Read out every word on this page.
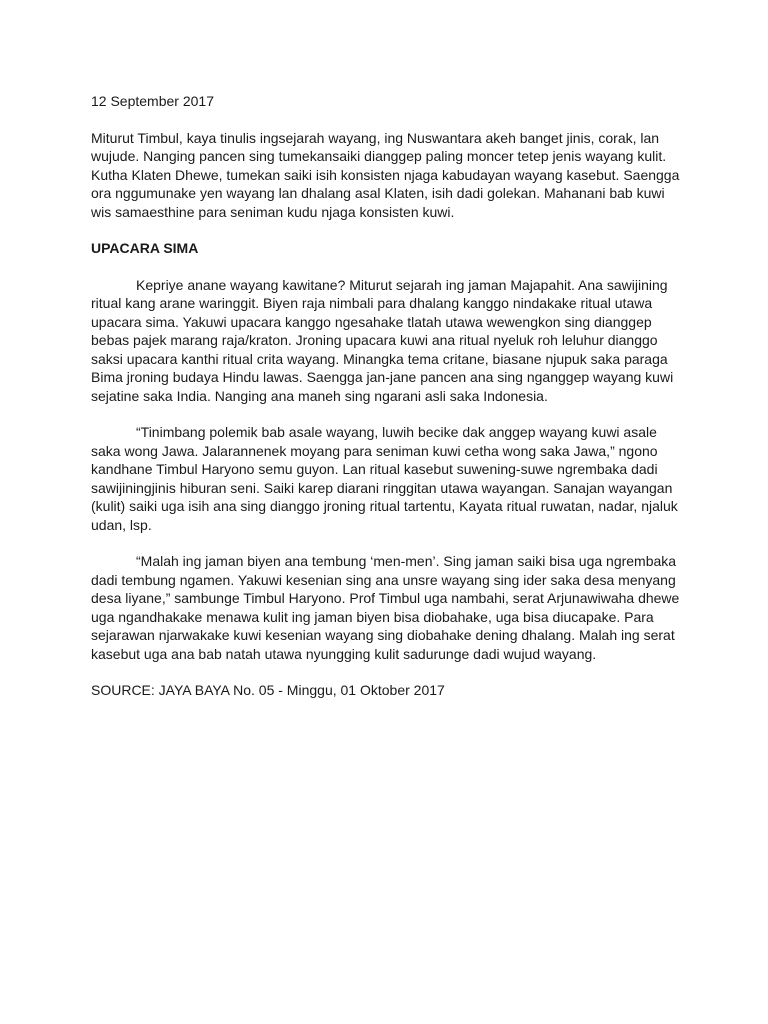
12 September 2017

Miturut Timbul, kaya tinulis ingsejarah wayang, ing Nuswantara akeh banget jinis, corak, lan
wujude. Nanging pancen sing tumekansaiki dianggep paling moncer tetep jenis wayang kulit.
Kutha Klaten Dhewe, tumekan saiki isih konsisten njaga kabudayan wayang kasebut. Saengga
ora nggumunake yen wayang lan dhalang asal Klaten, isih dadi golekan. Mahanani bab kuwi
wis samaesthine para seniman kudu njaga konsisten kuwi.

UPACARA SIMA

Kepriye anane wayang kawitane? Miturut sejarah ing jaman Majapahit. Ana sawijining
ritual kang arane waringgit. Biyen raja nimbali para dhalang kanggo nindakake ritual utawa
upacara sima. Yakuwi upacara kanggo ngesahake tlatah utawa wewengkon sing dianggep
bebas pajek marang raja/kraton. Jroning upacara kuwi ana ritual nyeluk roh leluhur dianggo
saksi upacara kanthi ritual crita wayang. Minangka tema critane, biasane njupuk saka paraga
Bima jroning budaya Hindu lawas. Saengga jan-jane pancen ana sing nganggep wayang kuwi
sejatine saka India. Nanging ana maneh sing ngarani asli saka Indonesia.
“Tinimbang polemik bab asale wayang, luwih becike dak anggep wayang kuwi asale
saka wong Jawa. Jalarannenek moyang para seniman kuwi cetha wong saka Jawa,” ngono
kandhane Timbul Haryono semu guyon. Lan ritual kasebut suwening-suwe ngrembaka dadi
sawijiningjinis hiburan seni. Saiki karep diarani ringgitan utawa wayangan. Sanajan wayangan
(kulit) saiki uga isih ana sing dianggo jroning ritual tartentu, Kayata ritual ruwatan, nadar, njaluk
udan, lsp.
“Malah ing jaman biyen ana tembung ‘men-men’. Sing jaman saiki bisa uga ngrembaka
dadi tembung ngamen. Yakuwi kesenian sing ana unsre wayang sing ider saka desa menyang
desa liyane,” sambunge Timbul Haryono. Prof Timbul uga nambahi, serat Arjunawiwaha dhewe
uga ngandhakake menawa kulit ing jaman biyen bisa diobahake, uga bisa diucapake. Para
sejarawan njarwakake kuwi kesenian wayang sing diobahake dening dhalang. Malah ing serat
kasebut uga ana bab natah utawa nyungging kulit sadurunge dadi wujud wayang.

SOURCE: JAYA BAYA No. 05 - Minggu, 01 Oktober 2017
